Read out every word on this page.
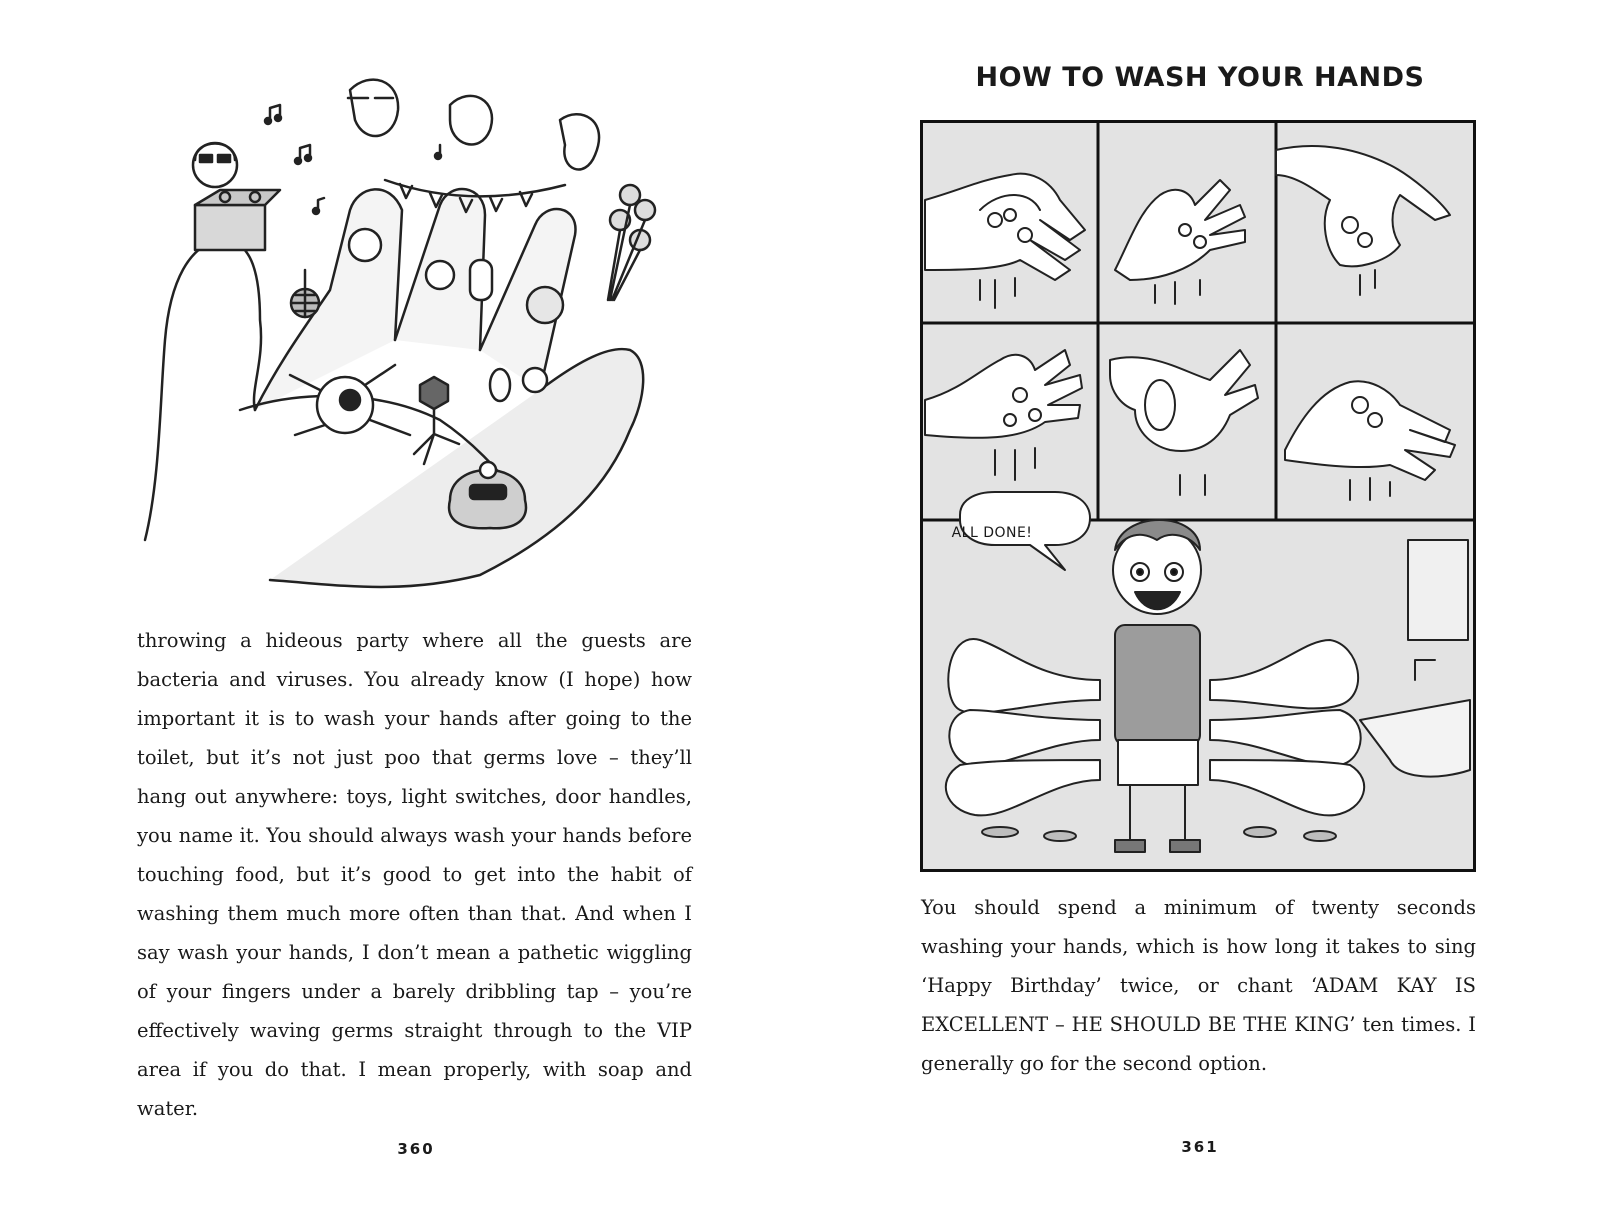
throwing a hideous party where all the guests are bacteria and viruses. You already know (I hope) how important it is to wash your hands after going to the toilet, but it’s not just poo that germs love – they’ll hang out anywhere: toys, light switches, door handles, you name it. You should always wash your hands before touching food, but it’s good to get into the habit of washing them much more often than that. And when I say wash your hands, I don’t mean a pathetic wiggling of your fingers under a barely dribbling tap – you’re effectively waving germs straight through to the VIP area if you do that. I mean properly, with soap and water.

360
HOW TO WASH YOUR HANDS
ALL DONE!

You should spend a minimum of twenty seconds washing your hands, which is how long it takes to sing ‘Happy Birthday’ twice, or chant ‘ADAM KAY IS EXCELLENT – HE SHOULD BE THE KING’ ten times. I generally go for the second option.

361
